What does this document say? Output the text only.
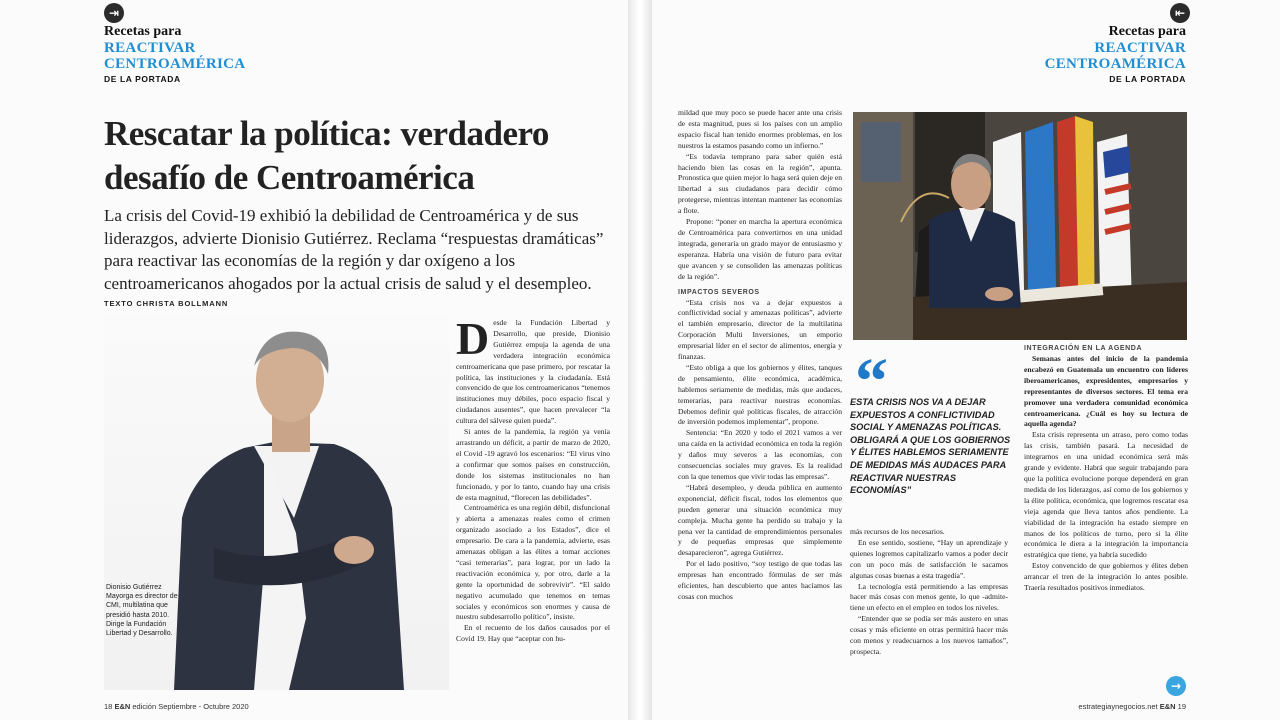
⇥
Recetas para
REACTIVAR
CENTROAMÉRICA
DE LA PORTADA
Rescatar la política: verdadero
desafío de Centroamérica

La crisis del Covid-19 exhibió la debilidad de Centroamérica y de sus liderazgos, advierte Dionisio Gutiérrez. Reclama “respuestas dramáticas” para reactivar las economías de la región y dar oxígeno a los centroamericanos ahogados por la actual crisis de salud y el desempleo.

TEXTO CHRISTA BOLLMANN

Dionisio Gutiérrez Mayorga es director de CMI, multilatina que presidió hasta 2010. Dirige la Fundación Libertad y Desarrollo.

Desde la Fundación Libertad y Desarrollo, que preside, Dionisio Gutiérrez empuja la agenda de una verdadera integración económica centroamericana que pase primero, por rescatar la política, las instituciones y la ciudadanía. Está convencido de que los centroamericanos “tenemos instituciones muy débiles, poco espacio fiscal y ciudadanos ausentes”, que hacen prevalecer “la cultura del sálvese quien pueda”.

Si antes de la pandemia, la región ya venía arrastrando un déficit, a partir de marzo de 2020, el Covid -19 agravó los escenarios: “El virus vino a confirmar que somos países en construcción, donde los sistemas institucionales no han funcionado, y por lo tanto, cuando hay una crisis de esta magnitud, “florecen las debilidades”.

Centroamérica es una región débil, disfuncional y abierta a amenazas reales como el crimen organizado asociado a los Estados”, dice el empresario. De cara a la pandemia, advierte, esas amenazas obligan a las élites a tomar acciones “casi temerarias”, para lograr, por un lado la reactivación económica y, por otro, darle a la gente la oportunidad de sobrevivir”. “El saldo negativo acumulado que tenemos en temas sociales y económicos son enormes y causa de nuestro subdesarrollo político”, insiste.

En el recuento de los daños causados por el Covid 19. Hay que “aceptar con hu-

18 E&N edición Septiembre - Octubre 2020
⇤
Recetas para
REACTIVAR
CENTROAMÉRICA
DE LA PORTADA

mildad que muy poco se puede hacer ante una crisis de esta magnitud, pues si los países con un amplio espacio fiscal han tenido enormes problemas, en los nuestros la estamos pasando como un infierno.”

“Es todavía temprano para saber quién está haciendo bien las cosas en la región”, apunta. Pronostica que quien mejor lo haga será quien deje en libertad a sus ciudadanos para decidir cómo protegerse, mientras intentan mantener las economías a flote.

Propone: “poner en marcha la apertura económica de Centroamérica para convertirnos en una unidad integrada, generaría un grado mayor de entusiasmo y esperanza. Habría una visión de futuro para evitar que avancen y se consoliden las amenazas políticas de la región”.

IMPACTOS SEVEROS

“Esta crisis nos va a dejar expuestos a conflictividad social y amenazas políticas”, advierte el también empresario, director de la multilatina Corporación Multi Inversiones, un emporio empresarial líder en el sector de alimentos, energía y finanzas.

“Esto obliga a que los gobiernos y élites, tanques de pensamiento, élite económica, académica, hablemos seriamente de medidas, más que audaces, temerarias, para reactivar nuestras economías. Debemos definir qué políticas fiscales, de atracción de inversión podemos implementar”, propone.

Sentencia: “En 2020 y todo el 2021 vamos a ver una caída en la actividad económica en toda la región y daños muy severos a las economías, con consecuencias sociales muy graves. Es la realidad con la que tenemos que vivir todas las empresas”.

“Habrá desempleo, y deuda pública en aumento exponencial, déficit fiscal, todos los elementos que pueden generar una situación económica muy compleja. Mucha gente ha perdido su trabajo y la pena ver la cantidad de emprendimientos personales y de pequeñas empresas que simplemente desaparecieron”, agrega Gutiérrez.

Por el lado positivo, “soy testigo de que todas las empresas han encontrado fórmulas de ser más eficientes, han descubierto que antes hacíamos las cosas con muchos

“

ESTA CRISIS NOS VA A DEJAR EXPUESTOS A CONFLICTIVIDAD SOCIAL Y AMENAZAS POLÍTICAS. OBLIGARÁ A QUE LOS GOBIERNOS Y ÉLITES HABLEMOS SERIAMENTE DE MEDIDAS MÁS AUDACES PARA REACTIVAR NUESTRAS ECONOMÍAS”

más recursos de los necesarios.

En ese sentido, sostiene, “Hay un aprendizaje y quienes logremos capitalizarlo vamos a poder decir con un poco más de satisfacción le sacamos algunas cosas buenas a esta tragedia”.

La tecnología está permitiendo a las empresas hacer más cosas con menos gente, lo que -admite- tiene un efecto en el empleo en todos los niveles.

“Entender que se podía ser más austero en unas cosas y más eficiente en otras permitirá hacer más con menos y readecuarnos a los nuevos tamaños”, prospecta.

INTEGRACIÓN EN LA AGENDA

Semanas antes del inicio de la pandemia encabezó en Guatemala un encuentro con líderes iberoamericanos, expresidentes, empresarios y representantes de diversos sectores. El tema era promover una verdadera comunidad económica centroamericana. ¿Cuál es hoy su lectura de aquella agenda?

Esta crisis representa un atraso, pero como todas las crisis, también pasará. La necesidad de integrarnos en una unidad económica será más grande y evidente. Habrá que seguir trabajando para que la política evolucione porque dependerá en gran medida de los liderazgos, así como de los gobiernos y la élite política, económica, que logremos rescatar esa vieja agenda que lleva tantos años pendiente. La viabilidad de la integración ha estado siempre en manos de los políticos de turno, pero si la élite económica le diera a la integración la importancia estratégica que tiene, ya habría sucedido

Estoy convencido de que gobiernos y élites deben arrancar el tren de la integración lo antes posible. Traería resultados positivos inmediatos.

→
estrategiaynegocios.net E&N 19
